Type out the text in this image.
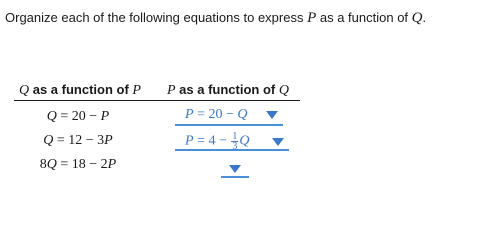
Organize each of the following equations to express P as a function of Q.
Q as a function of P P as a function of Q
Q = 20 − P	P = 20 − Q
Q = 12 − 3P	$P = 4 - \frac{1}{3}$ Q
8Q = 18 − 2P
